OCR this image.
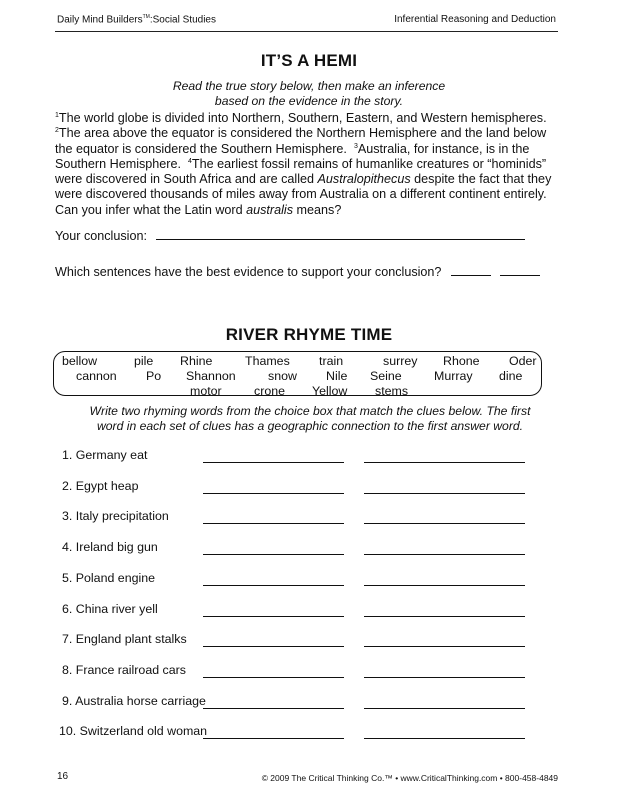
Daily Mind Builders™:Social Studies	Inferential Reasoning and Deduction
IT’S A HEMI
Read the true story below, then make an inference
based on the evidence in the story.
$^1$The world globe is divided into Northern, Southern, Eastern, and Western hemispheres. $^2$The area above the equator is considered the Northern Hemisphere and the land below the equator is considered the Southern Hemisphere. $^3$Australia, for instance, is in the Southern Hemisphere. $^4$The earliest fossil remains of humanlike creatures or “hominids” were discovered in South Africa and are called Australopithecus despite the fact that they were discovered thousands of miles away from Australia on a different continent entirely. Can you infer what the Latin word australis means?
Your conclusion:
Which sentences have the best evidence to support your conclusion?
RIVER RHYME TIME
bellow	pile Rhine	Thames train	surrey Rhone Oder
cannon Po Shannon	snow Nile Seine	Murray dine
motor	crone Yellow stems
Write two rhyming words from the choice box that match the clues below. The first
word in each set of clues has a geographic connection to the first answer word.
1. Germany eat
2. Egypt heap
3. Italy precipitation
4. Ireland big gun
5. Poland engine
6. China river yell
7. England plant stalks
8. France railroad cars
9. Australia horse carriage
10. Switzerland old woman
16	© 2009 The Critical Thinking Co.™ • www.CriticalThinking.com • 800-458-4849
